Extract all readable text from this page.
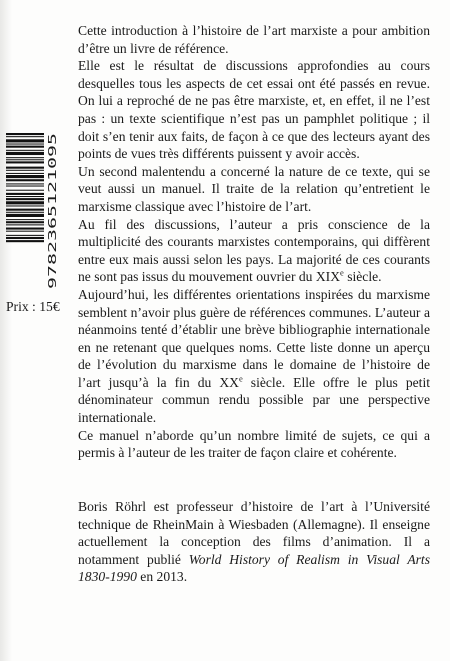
Cette introduction à l’histoire de l’art marxiste a pour ambition d’être un livre de référence.

Elle est le résultat de discussions approfondies au cours desquelles tous les aspects de cet essai ont été passés en revue. On lui a reproché de ne pas être marxiste, et, en effet, il ne l’est pas : un texte scientifique n’est pas un pamphlet politique ; il doit s’en tenir aux faits, de façon à ce que des lecteurs ayant des points de vues très différents puissent y avoir accès.

Un second malentendu a concerné la nature de ce texte, qui se veut aussi un manuel. Il traite de la relation qu’entretient le marxisme classique avec l’histoire de l’art.

Au fil des discussions, l’auteur a pris conscience de la multiplicité des courants marxistes contemporains, qui diffèrent entre eux mais aussi selon les pays. La majorité de ces courants ne sont pas issus du mouvement ouvrier du XIXe siècle.

Aujourd’hui, les différentes orientations inspirées du marxisme semblent n’avoir plus guère de références communes. L’auteur a néanmoins tenté d’établir une brève bibliographie internationale en ne retenant que quelques noms. Cette liste donne un aperçu de l’évolution du marxisme dans le domaine de l’histoire de l’art jusqu’à la fin du XXe siècle. Elle offre le plus petit dénominateur commun rendu possible par une perspective internationale.

Ce manuel n’aborde qu’un nombre limité de sujets, ce qui a permis à l’auteur de les traiter de façon claire et cohérente.

Boris Röhrl est professeur d’histoire de l’art à l’Université technique de RheinMain à Wiesbaden (Allemagne). Il enseigne actuellement la conception des films d’animation. Il a notamment publié World History of Realism in Visual Arts 1830-1990 en 2013.

9782365121095
Prix : 15€
